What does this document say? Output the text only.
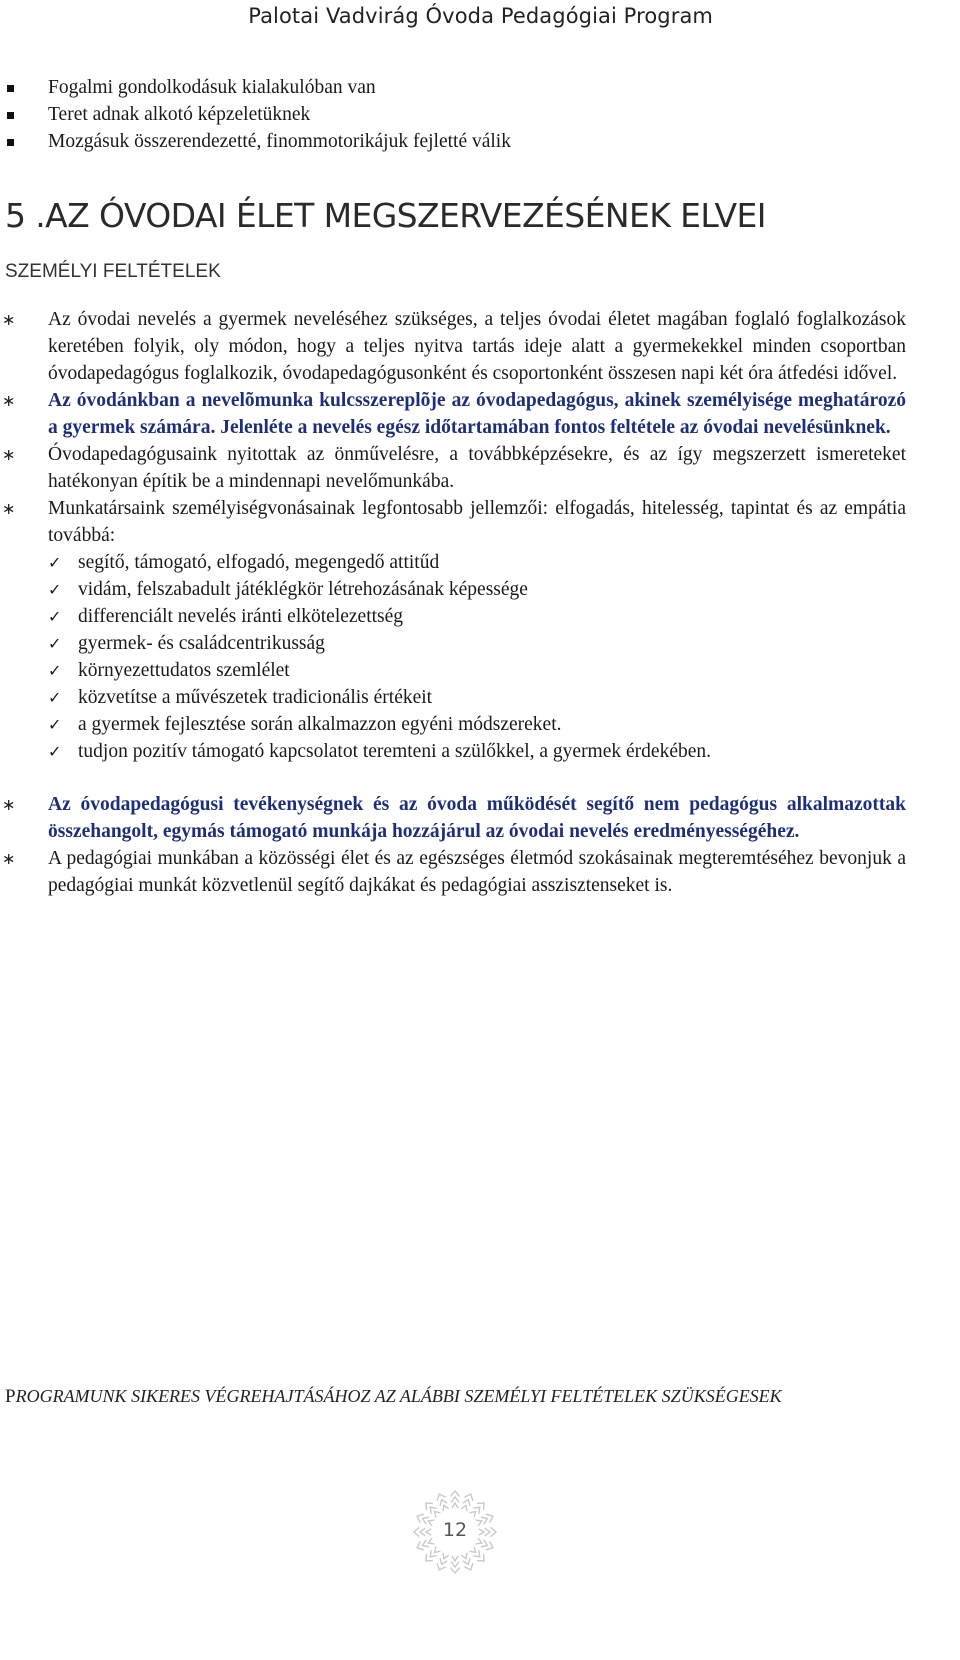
Palotai Vadvirág Óvoda Pedagógiai Program
Fogalmi gondolkodásuk kialakulóban van
Teret adnak alkotó képzeletüknek
Mozgásuk összerendezetté, finommotorikájuk fejletté válik
5 .AZ ÓVODAI ÉLET MEGSZERVEZÉSÉNEK ELVEI
SZEMÉLYI FELTÉTELEK
∗ Az óvodai nevelés a gyermek neveléséhez szükséges, a teljes óvodai életet magában foglaló foglalkozások keretében folyik, oly módon, hogy a teljes nyitva tartás ideje alatt a gyermekekkel minden csoportban óvodapedagógus foglalkozik, óvodapedagógusonként és csoportonként összesen napi két óra átfedési idővel.
∗ Az óvodánkban a nevelõmunka kulcsszereplõje az óvodapedagógus, akinek személyisége meghatározó a gyermek számára. Jelenléte a nevelés egész időtartamában fontos feltétele az óvodai nevelésünknek.
∗ Óvodapedagógusaink nyitottak az önművelésre, a továbbképzésekre, és az így megszerzett ismereteket hatékonyan építik be a mindennapi nevelőmunkába.
∗ Munkatársaink személyiségvonásainak legfontosabb jellemzői: elfogadás, hitelesség, tapintat és az empátia továbbá:
✓ segítő, támogató, elfogadó, megengedő attitűd
✓ vidám, felszabadult játéklégkör létrehozásának képessége
✓ differenciált nevelés iránti elkötelezettség
✓ gyermek- és családcentrikusság
✓ környezettudatos szemlélet
✓ közvetítse a művészetek tradicionális értékeit
✓ a gyermek fejlesztése során alkalmazzon egyéni módszereket.
✓ tudjon pozitív támogató kapcsolatot teremteni a szülőkkel, a gyermek érdekében.
∗ Az óvodapedagógusi tevékenységnek és az óvoda működését segítő nem pedagógus alkalmazottak összehangolt, egymás támogató munkája hozzájárul az óvodai nevelés eredményességéhez.
∗ A pedagógiai munkában a közösségi élet és az egészséges életmód szokásainak megteremtéséhez bevonjuk a pedagógiai munkát közvetlenül segítő dajkákat és pedagógiai asszisztenseket is.
PROGRAMUNK SIKERES VÉGREHAJTÁSÁHOZ AZ ALÁBBI SZEMÉLYI FELTÉTELEK SZÜKSÉGESEK
12
